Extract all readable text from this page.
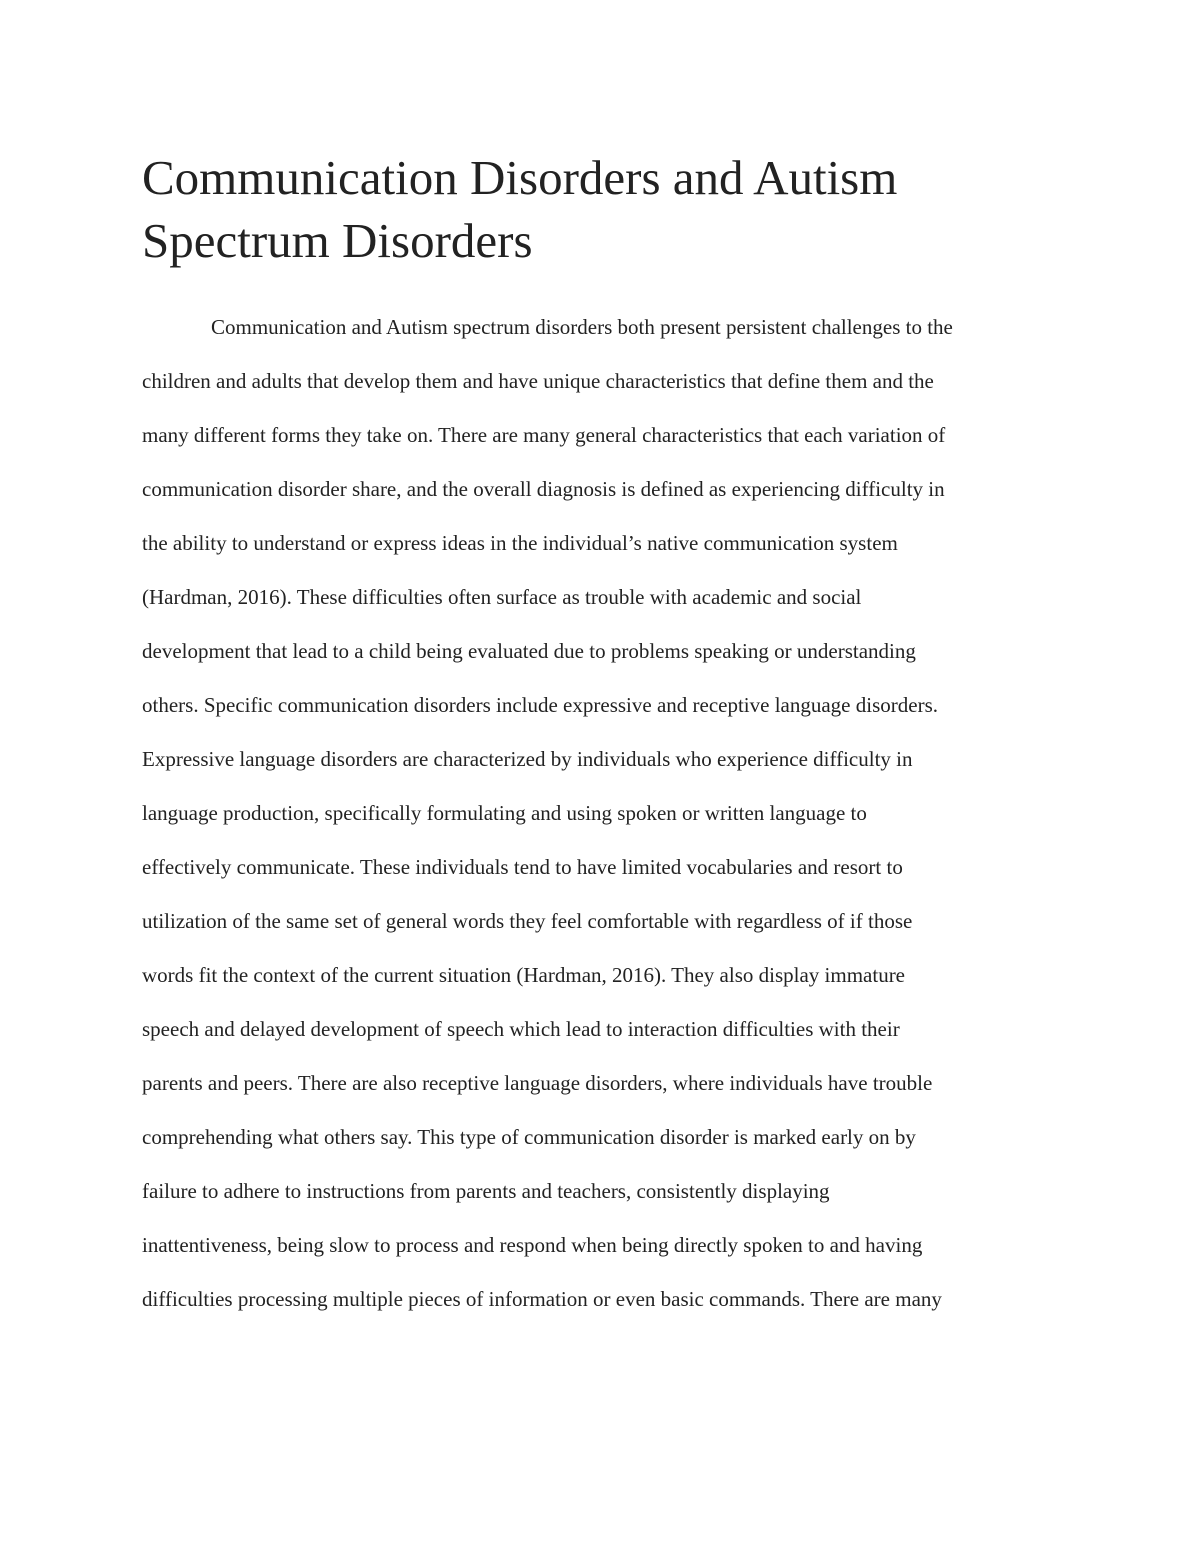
Communication Disorders and Autism
Spectrum Disorders
Communication and Autism spectrum disorders both present persistent challenges to the
children and adults that develop them and have unique characteristics that define them and the
many different forms they take on. There are many general characteristics that each variation of
communication disorder share, and the overall diagnosis is defined as experiencing difficulty in
the ability to understand or express ideas in the individual’s native communication system
(Hardman, 2016). These difficulties often surface as trouble with academic and social
development that lead to a child being evaluated due to problems speaking or understanding
others. Specific communication disorders include expressive and receptive language disorders.
Expressive language disorders are characterized by individuals who experience difficulty in
language production, specifically formulating and using spoken or written language to
effectively communicate. These individuals tend to have limited vocabularies and resort to
utilization of the same set of general words they feel comfortable with regardless of if those
words fit the context of the current situation (Hardman, 2016). They also display immature
speech and delayed development of speech which lead to interaction difficulties with their
parents and peers. There are also receptive language disorders, where individuals have trouble
comprehending what others say. This type of communication disorder is marked early on by
failure to adhere to instructions from parents and teachers, consistently displaying
inattentiveness, being slow to process and respond when being directly spoken to and having
difficulties processing multiple pieces of information or even basic commands. There are many
